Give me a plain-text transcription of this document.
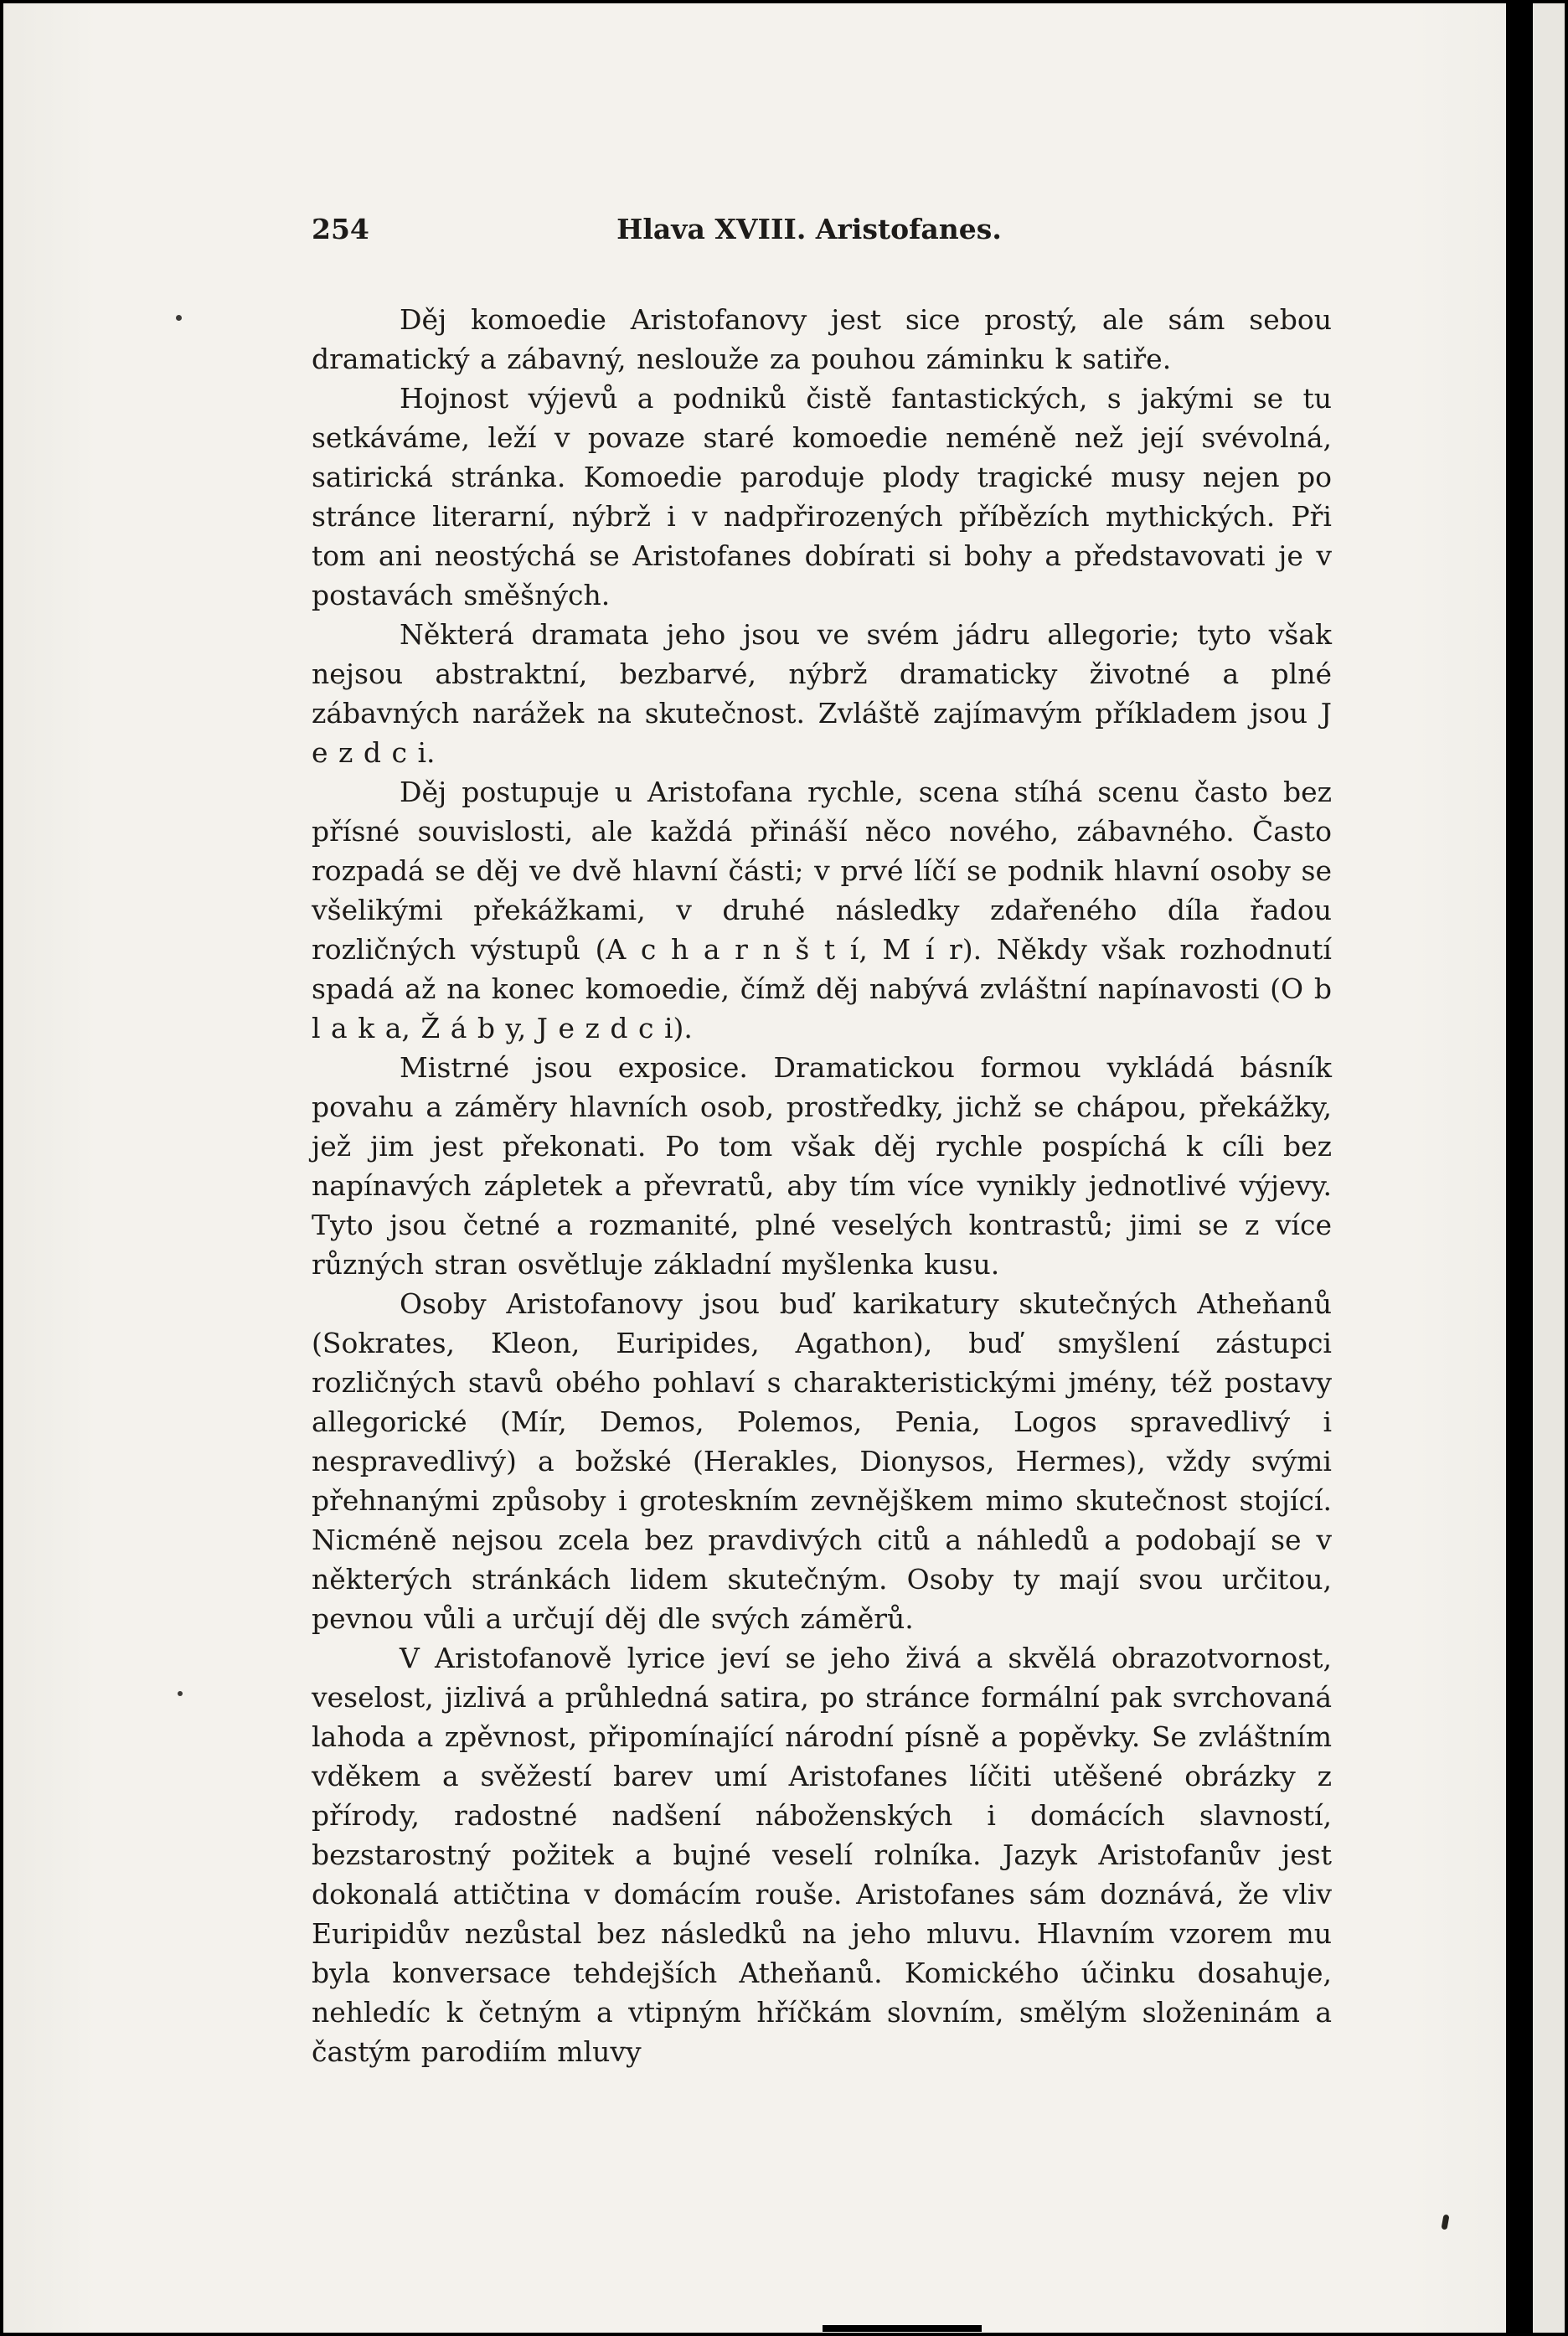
254	Hlava XVIII. Aristofanes.

Děj komoedie Aristofanovy jest sice prostý, ale sám sebou dramatický a zábavný, neslouže za pouhou záminku k satiře.

Hojnost výjevů a podniků čistě fantastických, s jakými se tu setkáváme, leží v povaze staré komoedie neméně než její svévolná, satirická stránka. Komoedie paroduje plody tragické musy nejen po stránce literarní, nýbrž i v nadpřirozených příbězích mythických. Při tom ani neostýchá se Aristofanes dobírati si bohy a představovati je v postavách směšných.

Některá dramata jeho jsou ve svém jádru allegorie; tyto však nejsou abstraktní, bezbarvé, nýbrž dramaticky životné a plné zábavných narážek na skutečnost. Zvláště zajímavým příkladem jsou J e z d c i.

Děj postupuje u Aristofana rychle, scena stíhá scenu často bez přísné souvislosti, ale každá přináší něco nového, zábavného. Často rozpadá se děj ve dvě hlavní části; v prvé líčí se podnik hlavní osoby se všelikými překážkami, v druhé následky zdařeného díla řadou rozličných výstupů (A c h a r n š t í, M í r). Někdy však rozhodnutí spadá až na konec komoedie, čímž děj nabývá zvláštní napínavosti (O b l a k a, Ž á b y, J e z d c i).

Mistrné jsou exposice. Dramatickou formou vykládá básník povahu a záměry hlavních osob, prostředky, jichž se chápou, překážky, jež jim jest překonati. Po tom však děj rychle pospíchá k cíli bez napínavých zápletek a převratů, aby tím více vynikly jednotlivé výjevy. Tyto jsou četné a rozmanité, plné veselých kontrastů; jimi se z více různých stran osvětluje základní myšlenka kusu.

Osoby Aristofanovy jsou buď karikatury skutečných Atheňanů (Sokrates, Kleon, Euripides, Agathon), buď smyšlení zástupci rozličných stavů obého pohlaví s charakteristickými jmény, též postavy allegorické (Mír, Demos, Polemos, Penia, Logos spravedlivý i nespravedlivý) a božské (Herakles, Dionysos, Hermes), vždy svými přehnanými způsoby i groteskním zevnějškem mimo skutečnost stojící. Nicméně nejsou zcela bez pravdivých citů a náhledů a podobají se v některých stránkách lidem skutečným. Osoby ty mají svou určitou, pevnou vůli a určují děj dle svých záměrů.

V Aristofanově lyrice jeví se jeho živá a skvělá obrazotvornost, veselost, jizlivá a průhledná satira, po stránce formální pak svrchovaná lahoda a zpěvnost, připomínající národní písně a popěvky. Se zvláštním vděkem a svěžestí barev umí Aristofanes líčiti utěšené obrázky z přírody, radostné nadšení náboženských i domácích slavností, bezstarostný požitek a bujné veselí rolníka. Jazyk Aristofanův jest dokonalá attičtina v domácím rouše. Aristofanes sám doznává, že vliv Euripidův nezůstal bez následků na jeho mluvu. Hlavním vzorem mu byla konversace tehdejších Atheňanů. Komického účinku dosahuje, nehledíc k četným a vtipným hříčkám slovním, smělým složeninám a častým parodiím mluvy
